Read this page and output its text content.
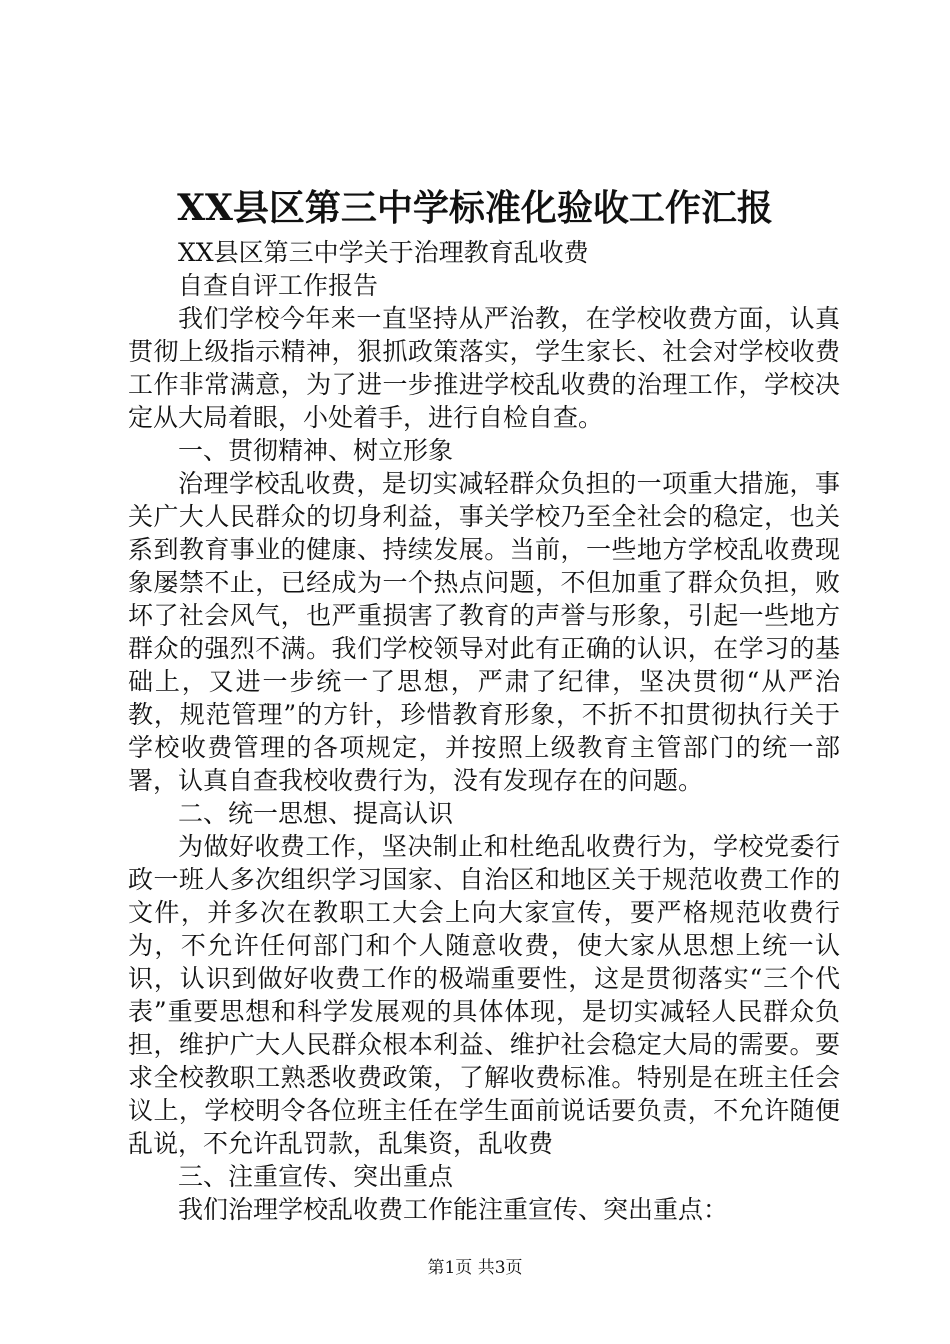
XX县区第三中学标准化验收工作汇报

XX县区第三中学关于治理教育乱收费

自查自评工作报告

我们学校今年来一直坚持从严治教，在学校收费方面，认真贯彻上级指示精神，狠抓政策落实，学生家长、社会对学校收费工作非常满意，为了进一步推进学校乱收费的治理工作，学校决定从大局着眼，小处着手，进行自检自查。

一、贯彻精神、树立形象

治理学校乱收费，是切实减轻群众负担的一项重大措施，事关广大人民群众的切身利益，事关学校乃至全社会的稳定，也关系到教育事业的健康、持续发展。当前，一些地方学校乱收费现象屡禁不止，已经成为一个热点问题，不但加重了群众负担，败坏了社会风气，也严重损害了教育的声誉与形象，引起一些地方群众的强烈不满。我们学校领导对此有正确的认识，在学习的基础上，又进一步统一了思想，严肃了纪律，坚决贯彻“从严治教，规范管理”的方针，珍惜教育形象，不折不扣贯彻执行关于学校收费管理的各项规定，并按照上级教育主管部门的统一部署，认真自查我校收费行为，没有发现存在的问题。

二、统一思想、提高认识

为做好收费工作，坚决制止和杜绝乱收费行为，学校党委行政一班人多次组织学习国家、自治区和地区关于规范收费工作的文件，并多次在教职工大会上向大家宣传，要严格规范收费行为，不允许任何部门和个人随意收费，使大家从思想上统一认识，认识到做好收费工作的极端重要性，这是贯彻落实“三个代表”重要思想和科学发展观的具体体现，是切实减轻人民群众负担，维护广大人民群众根本利益、维护社会稳定大局的需要。要求全校教职工熟悉收费政策，了解收费标准。特别是在班主任会议上，学校明令各位班主任在学生面前说话要负责，不允许随便乱说，不允许乱罚款，乱集资，乱收费

三、注重宣传、突出重点

我们治理学校乱收费工作能注重宣传、突出重点：

第1页 共3页
